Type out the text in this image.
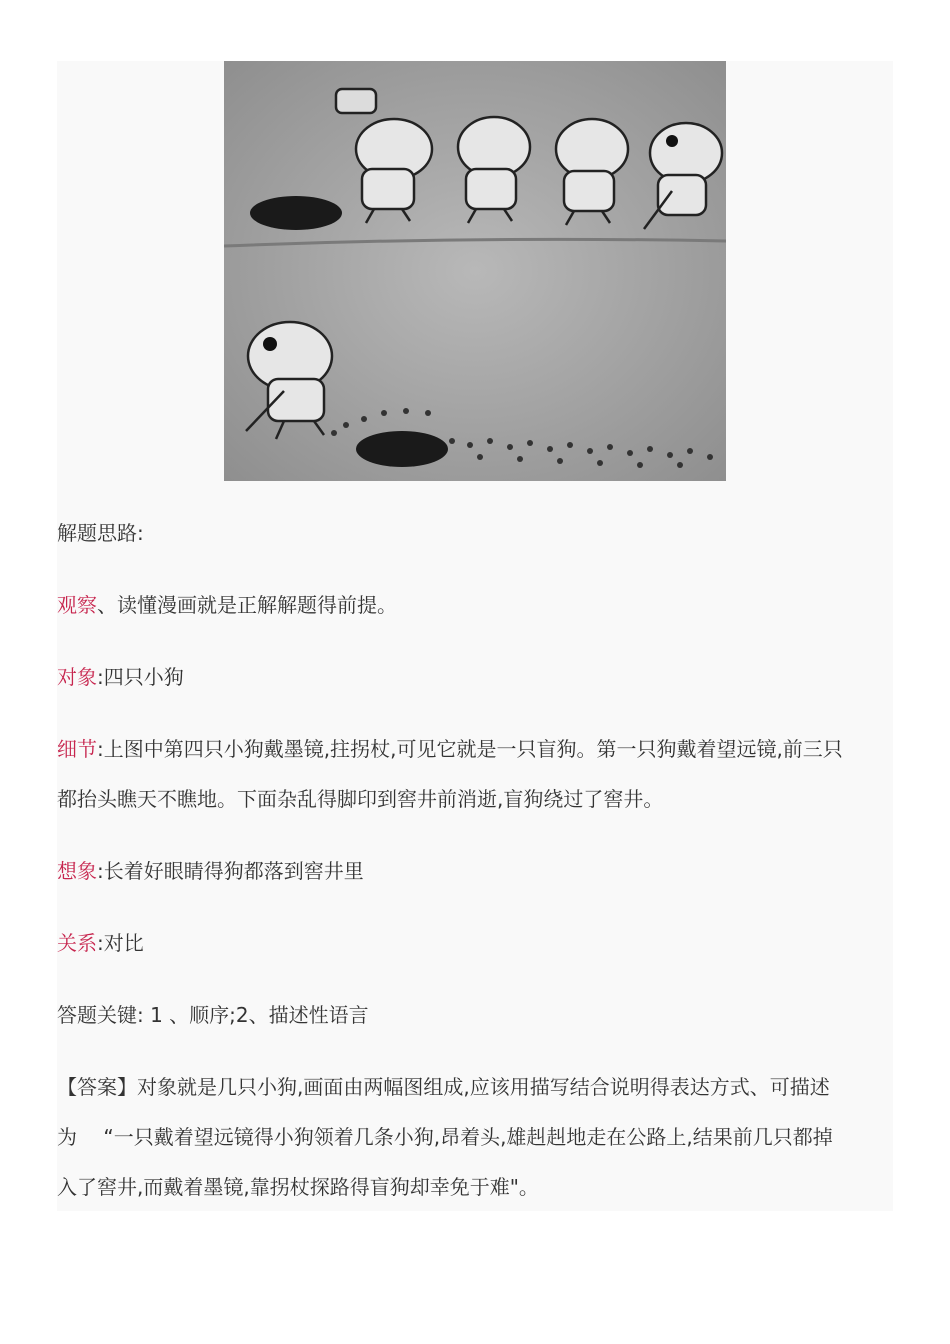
解题思路:
观察、读懂漫画就是正解解题得前提。
对象:四只小狗
细节:上图中第四只小狗戴墨镜,拄拐杖,可见它就是一只盲狗。第一只狗戴着望远镜,前三只
都抬头瞧天不瞧地。下面杂乱得脚印到窖井前消逝,盲狗绕过了窖井。
想象:长着好眼睛得狗都落到窖井里
关系:对比
答题关键: 1 、顺序;2、描述性语言
【答案】对象就是几只小狗,画面由两幅图组成,应该用描写结合说明得表达方式、可描述
为　 “一只戴着望远镜得小狗领着几条小狗,昂着头,雄赳赳地走在公路上,结果前几只都掉
入了窖井,而戴着墨镜,靠拐杖探路得盲狗却幸免于难"。
